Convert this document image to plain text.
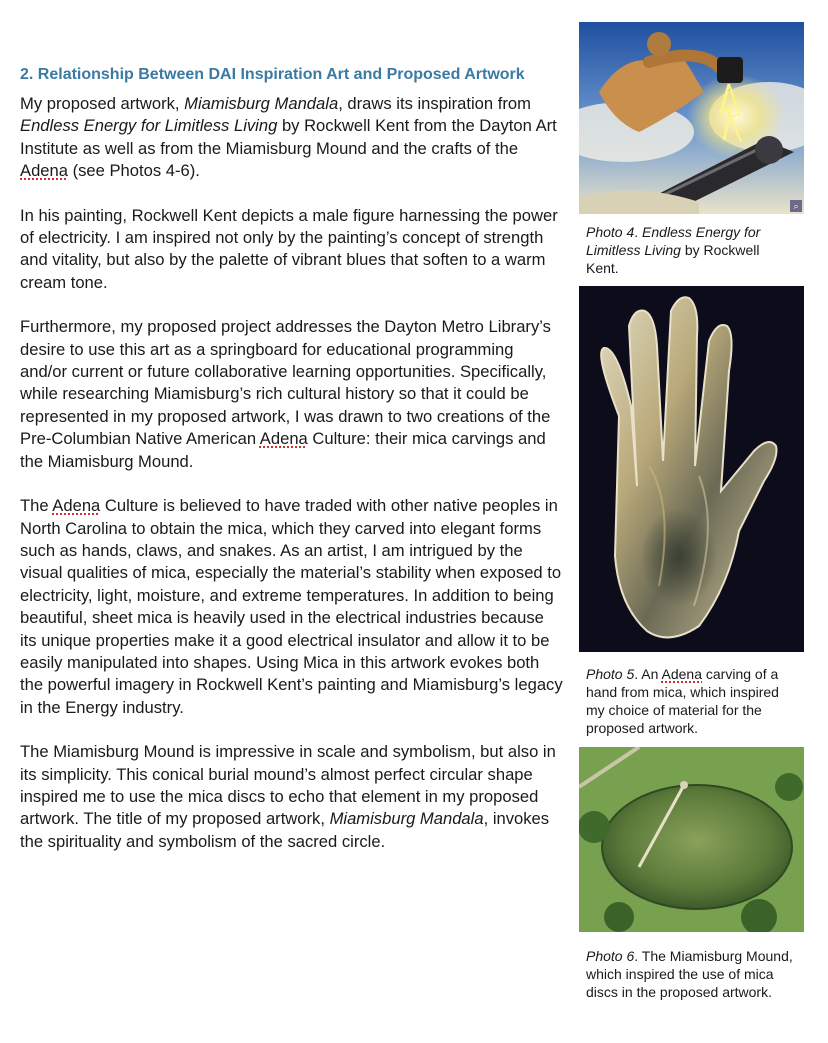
2. Relationship Between DAI Inspiration Art and Proposed Artwork

My proposed artwork, Miamisburg Mandala, draws its inspiration from Endless Energy for Limitless Living by Rockwell Kent from the Dayton Art Institute as well as from the Miamisburg Mound and the crafts of the Adena (see Photos 4-6).

In his painting, Rockwell Kent depicts a male figure harnessing the power of electricity. I am inspired not only by the painting’s concept of strength and vitality, but also by the palette of vibrant blues that soften to a warm cream tone.

Furthermore, my proposed project addresses the Dayton Metro Library’s desire to use this art as a springboard for educational programming and/or current or future collaborative learning opportunities. Specifically, while researching Miamisburg’s rich cultural history so that it could be represented in my proposed artwork, I was drawn to two creations of the Pre-Columbian Native American Adena Culture: their mica carvings and the Miamisburg Mound.

The Adena Culture is believed to have traded with other native peoples in North Carolina to obtain the mica, which they carved into elegant forms such as hands, claws, and snakes. As an artist, I am intrigued by the visual qualities of mica, especially the material’s stability when exposed to electricity, light, moisture, and extreme temperatures. In addition to being beautiful, sheet mica is heavily used in the electrical industries because its unique properties make it a good electrical insulator and allow it to be easily manipulated into shapes. Using Mica in this artwork evokes both the powerful imagery in Rockwell Kent’s painting and Miamisburg’s legacy in the Energy industry.

The Miamisburg Mound is impressive in scale and symbolism, but also in its simplicity. This conical burial mound’s almost perfect circular shape inspired me to use the mica discs to echo that element in my proposed artwork. The title of my proposed artwork, Miamisburg Mandala, invokes the spirituality and symbolism of the sacred circle.

⌕
Photo 4. Endless Energy for Limitless Living by Rockwell Kent.
Photo 5. An Adena carving of a hand from mica, which inspired my choice of material for the proposed artwork.
Photo 6. The Miamisburg Mound, which inspired the use of mica discs in the proposed artwork.
